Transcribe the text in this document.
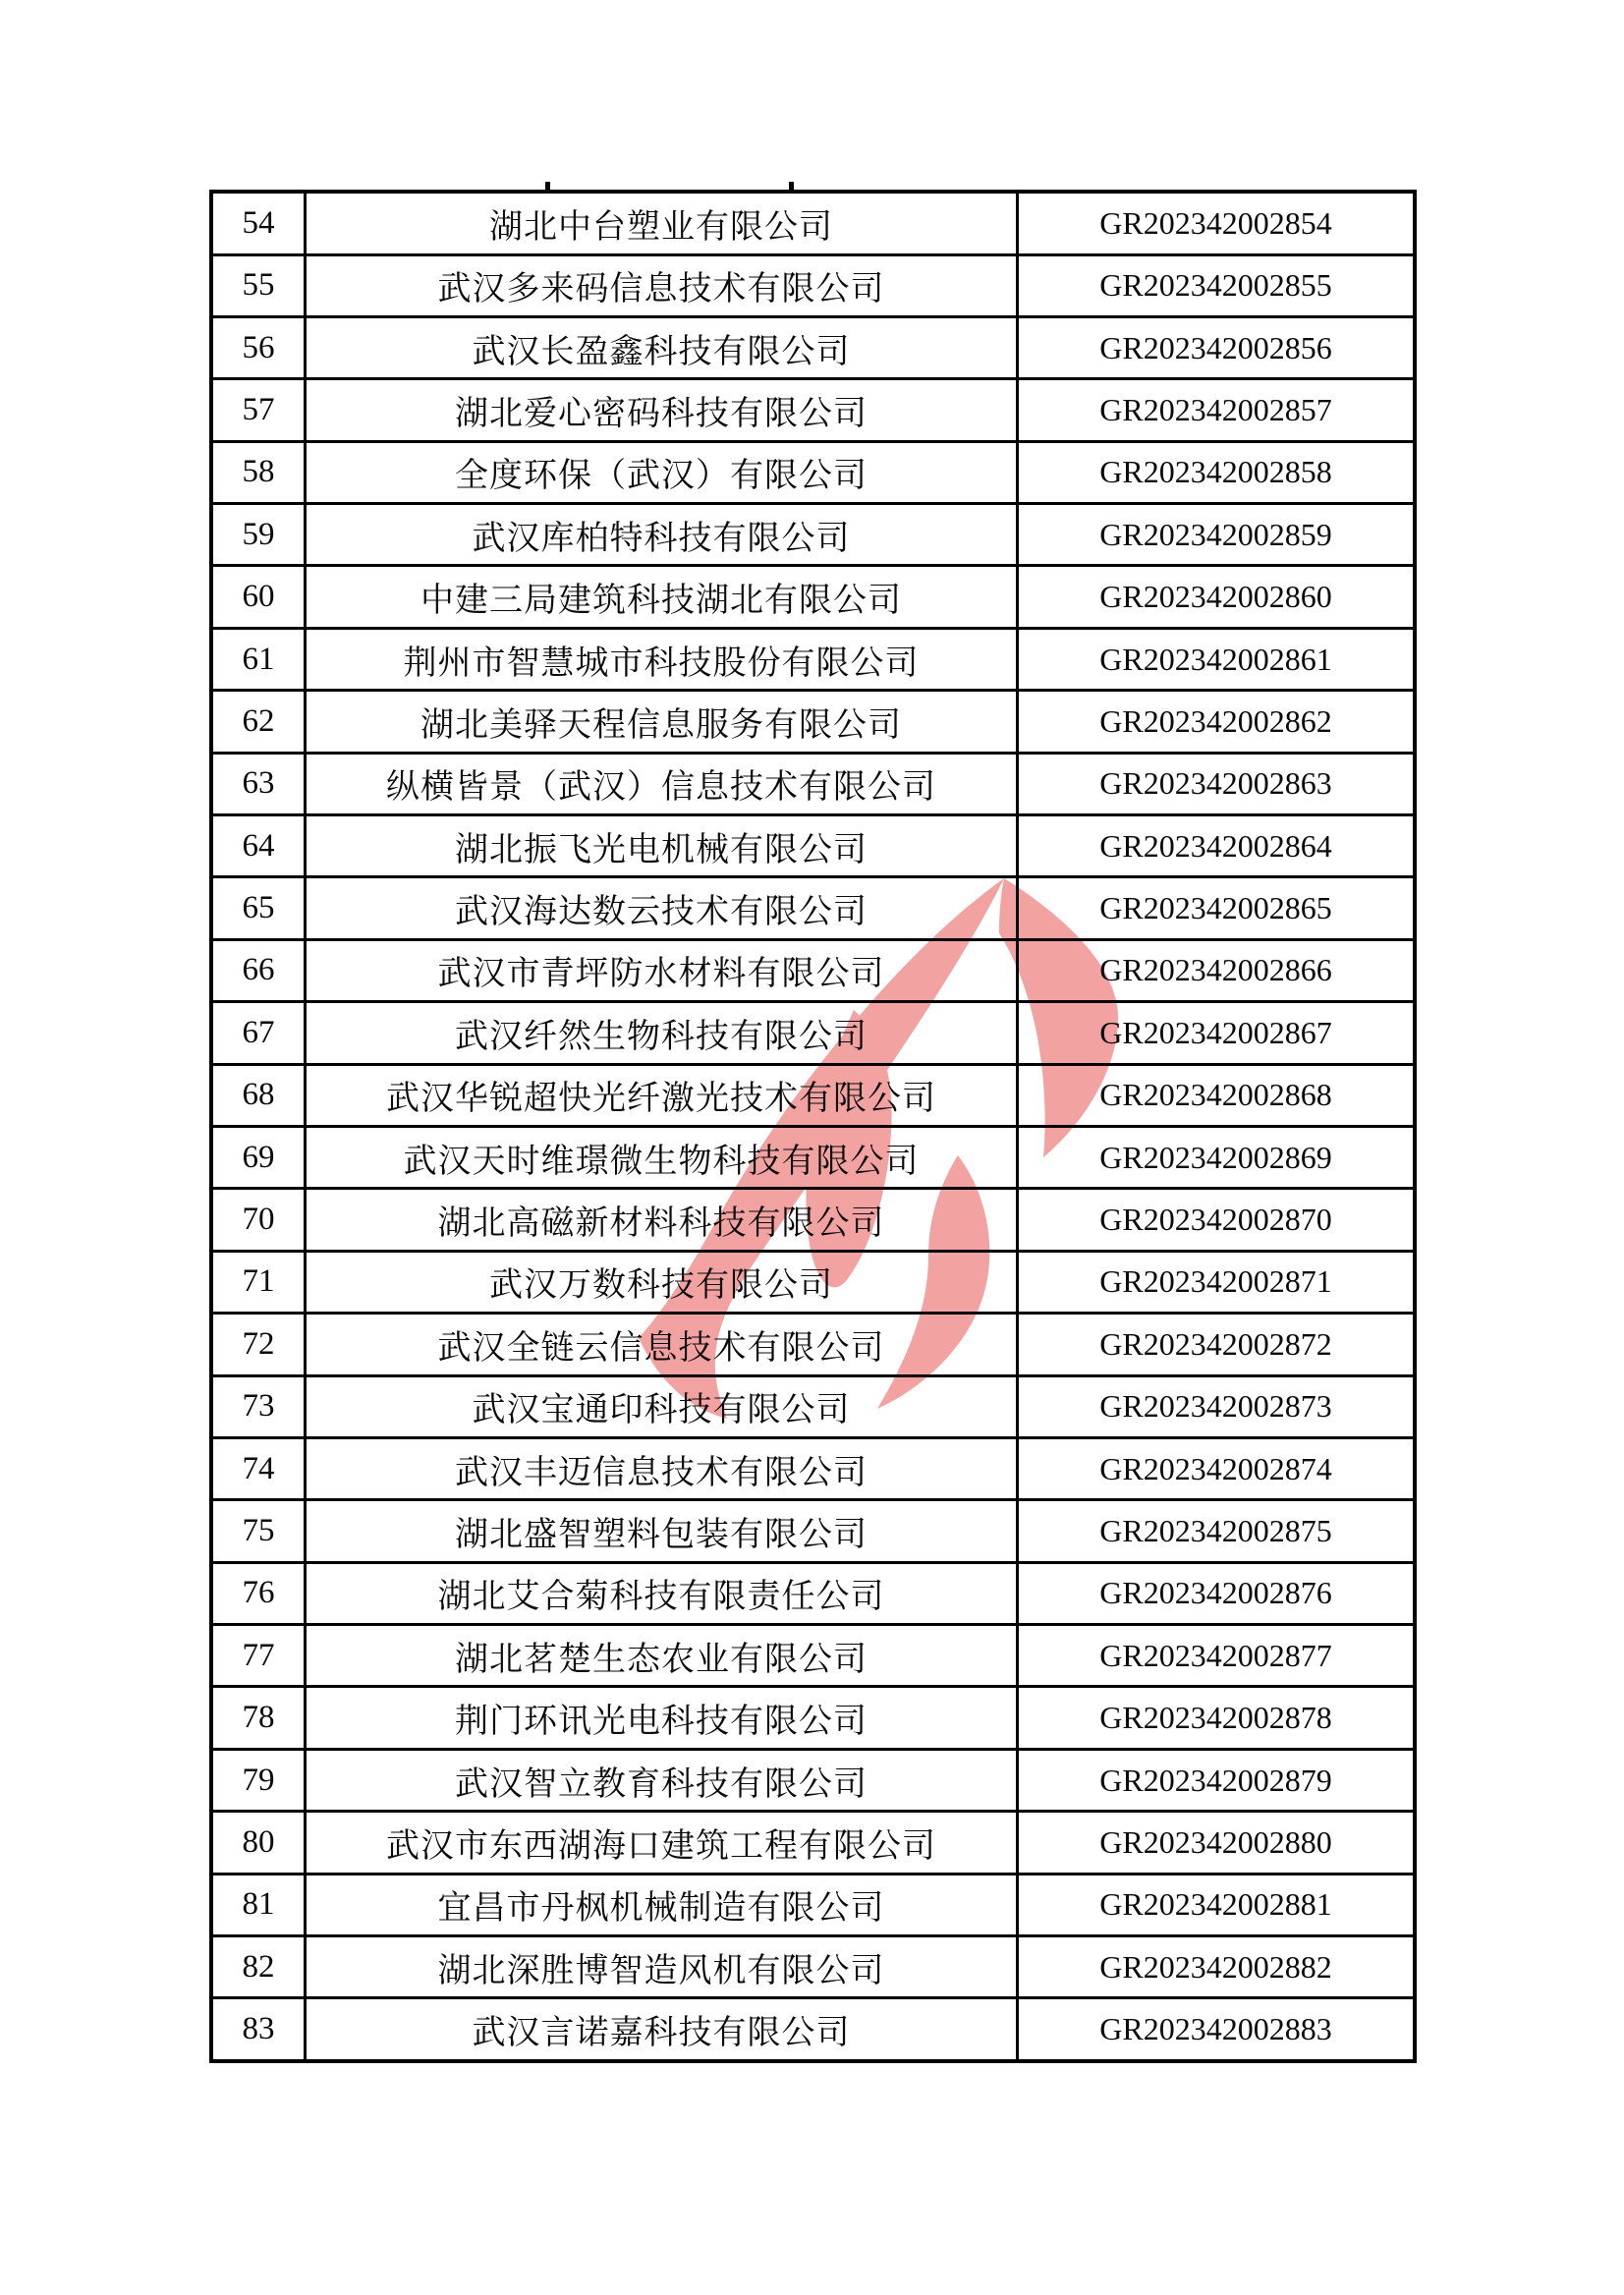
54	湖北中台塑业有限公司	GR202342002854
55	武汉多来码信息技术有限公司	GR202342002855
56	武汉长盈鑫科技有限公司	GR202342002856
57	湖北爱心密码科技有限公司	GR202342002857
58	全度环保（武汉）有限公司	GR202342002858
59	武汉库柏特科技有限公司	GR202342002859
60	中建三局建筑科技湖北有限公司	GR202342002860
61	荆州市智慧城市科技股份有限公司	GR202342002861
62	湖北美驿天程信息服务有限公司	GR202342002862
63	纵横皆景（武汉）信息技术有限公司	GR202342002863
64	湖北振飞光电机械有限公司	GR202342002864
65	武汉海达数云技术有限公司	GR202342002865
66	武汉市青坪防水材料有限公司	GR202342002866
67	武汉纤然生物科技有限公司	GR202342002867
68	武汉华锐超快光纤激光技术有限公司	GR202342002868
69	武汉天时维璟微生物科技有限公司	GR202342002869
70	湖北高磁新材料科技有限公司	GR202342002870
71	武汉万数科技有限公司	GR202342002871
72	武汉全链云信息技术有限公司	GR202342002872
73	武汉宝通印科技有限公司	GR202342002873
74	武汉丰迈信息技术有限公司	GR202342002874
75	湖北盛智塑料包装有限公司	GR202342002875
76	湖北艾合菊科技有限责任公司	GR202342002876
77	湖北茗楚生态农业有限公司	GR202342002877
78	荆门环讯光电科技有限公司	GR202342002878
79	武汉智立教育科技有限公司	GR202342002879
80	武汉市东西湖海口建筑工程有限公司	GR202342002880
81	宜昌市丹枫机械制造有限公司	GR202342002881
82	湖北深胜博智造风机有限公司	GR202342002882
83	武汉言诺嘉科技有限公司	GR202342002883
